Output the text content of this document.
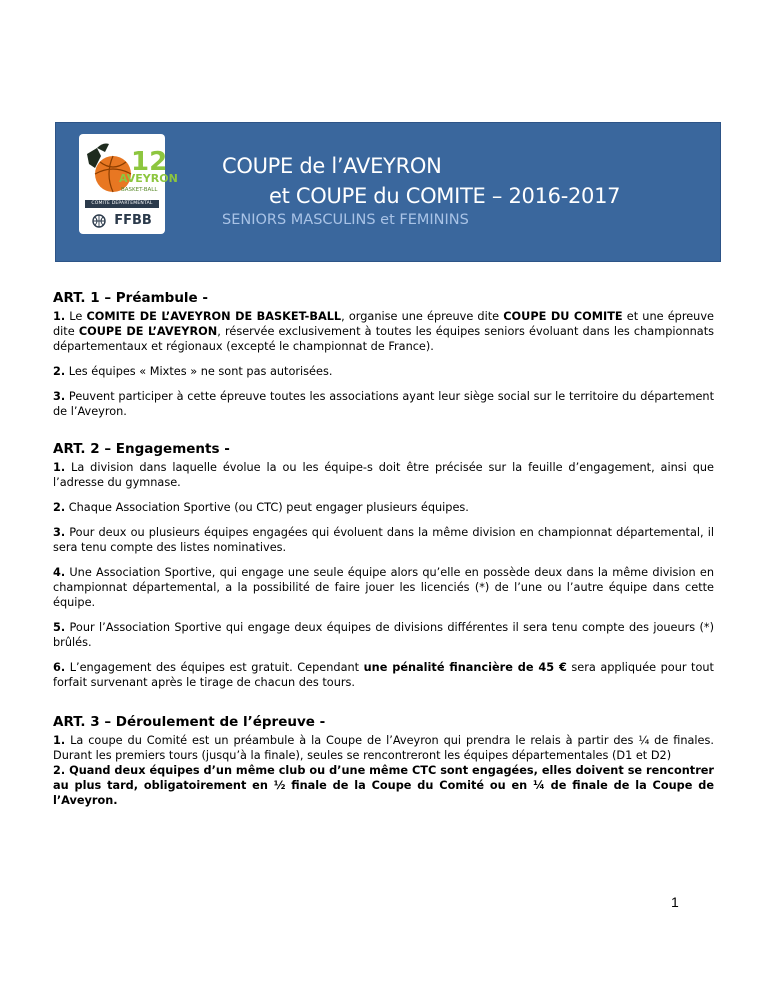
12
AVEYRON
BASKET-BALL
COMITE DEPARTEMENTAL
FFBB
COUPE de l’AVEYRON
et COUPE du COMITE – 2016-2017
SENIORS MASCULINS et FEMININS
ART. 1 – Préambule -

1. Le COMITE DE L’AVEYRON DE BASKET-BALL, organise une épreuve dite COUPE DU COMITE et une épreuve dite COUPE DE L’AVEYRON, réservée exclusivement à toutes les équipes seniors évoluant dans les championnats départementaux et régionaux (excepté le championnat de France).

2. Les équipes « Mixtes » ne sont pas autorisées.

3. Peuvent participer à cette épreuve toutes les associations ayant leur siège social sur le territoire du département de l’Aveyron.

ART. 2 – Engagements -

1. La division dans laquelle évolue la ou les équipe-s doit être précisée sur la feuille d’engagement, ainsi que l’adresse du gymnase.

2. Chaque Association Sportive (ou CTC) peut engager plusieurs équipes.

3. Pour deux ou plusieurs équipes engagées qui évoluent dans la même division en championnat départemental, il sera tenu compte des listes nominatives.

4. Une Association Sportive, qui engage une seule équipe alors qu’elle en possède deux dans la même division en championnat départemental, a la possibilité de faire jouer les licenciés (*) de l’une ou l’autre équipe dans cette équipe.

5. Pour l’Association Sportive qui engage deux équipes de divisions différentes il sera tenu compte des joueurs (*) brûlés.

6. L’engagement des équipes est gratuit. Cependant une pénalité financière de 45 € sera appliquée pour tout forfait survenant après le tirage de chacun des tours.

ART. 3 – Déroulement de l’épreuve -

1. La coupe du Comité est un préambule à la Coupe de l’Aveyron qui prendra le relais à partir des ¼ de finales. Durant les premiers tours (jusqu’à la finale), seules se rencontreront les équipes départementales (D1 et D2)

2. Quand deux équipes d’un même club ou d’une même CTC sont engagées, elles doivent se rencontrer au plus tard, obligatoirement en ½ finale de la Coupe du Comité ou en ¼ de finale de la Coupe de l’Aveyron.

1
